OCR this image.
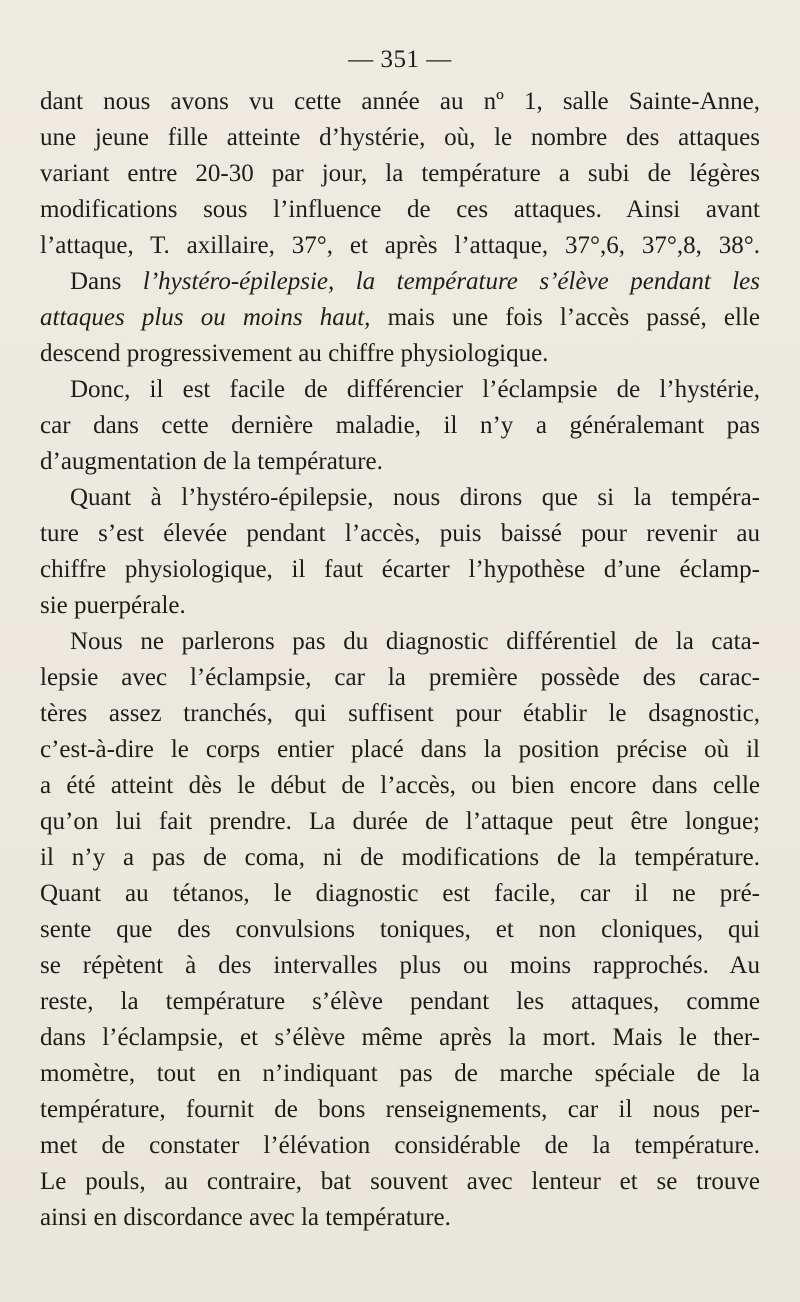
— 351 —
dant nous avons vu cette année au nº 1, salle Sainte-Anne,
une jeune fille atteinte d’hystérie, où, le nombre des attaques
variant entre 20-30 par jour, la température a subi de légères
modifications sous l’influence de ces attaques. Ainsi avant
l’attaque, T. axillaire, 37°, et après l’attaque, 37°,6, 37°,8, 38°.
Dans l’hystéro-épilepsie, la température s’élève pendant les
attaques plus ou moins haut, mais une fois l’accès passé, elle
descend progressivement au chiffre physiologique.
Donc, il est facile de différencier l’éclampsie de l’hystérie,
car dans cette dernière maladie, il n’y a généralemant pas
d’augmentation de la température.
Quant à l’hystéro-épilepsie, nous dirons que si la tempéra-
ture s’est élevée pendant l’accès, puis baissé pour revenir au
chiffre physiologique, il faut écarter l’hypothèse d’une éclamp-
sie puerpérale.
Nous ne parlerons pas du diagnostic différentiel de la cata-
lepsie avec l’éclampsie, car la première possède des carac-
tères assez tranchés, qui suffisent pour établir le dsagnostic,
c’est-à-dire le corps entier placé dans la position précise où il
a été atteint dès le début de l’accès, ou bien encore dans celle
qu’on lui fait prendre. La durée de l’attaque peut être longue;
il n’y a pas de coma, ni de modifications de la température.
Quant au tétanos, le diagnostic est facile, car il ne pré-
sente que des convulsions toniques, et non cloniques, qui
se répètent à des intervalles plus ou moins rapprochés. Au
reste, la température s’élève pendant les attaques, comme
dans l’éclampsie, et s’élève même après la mort. Mais le ther-
momètre, tout en n’indiquant pas de marche spéciale de la
température, fournit de bons renseignements, car il nous per-
met de constater l’élévation considérable de la température.
Le pouls, au contraire, bat souvent avec lenteur et se trouve
ainsi en discordance avec la température.
